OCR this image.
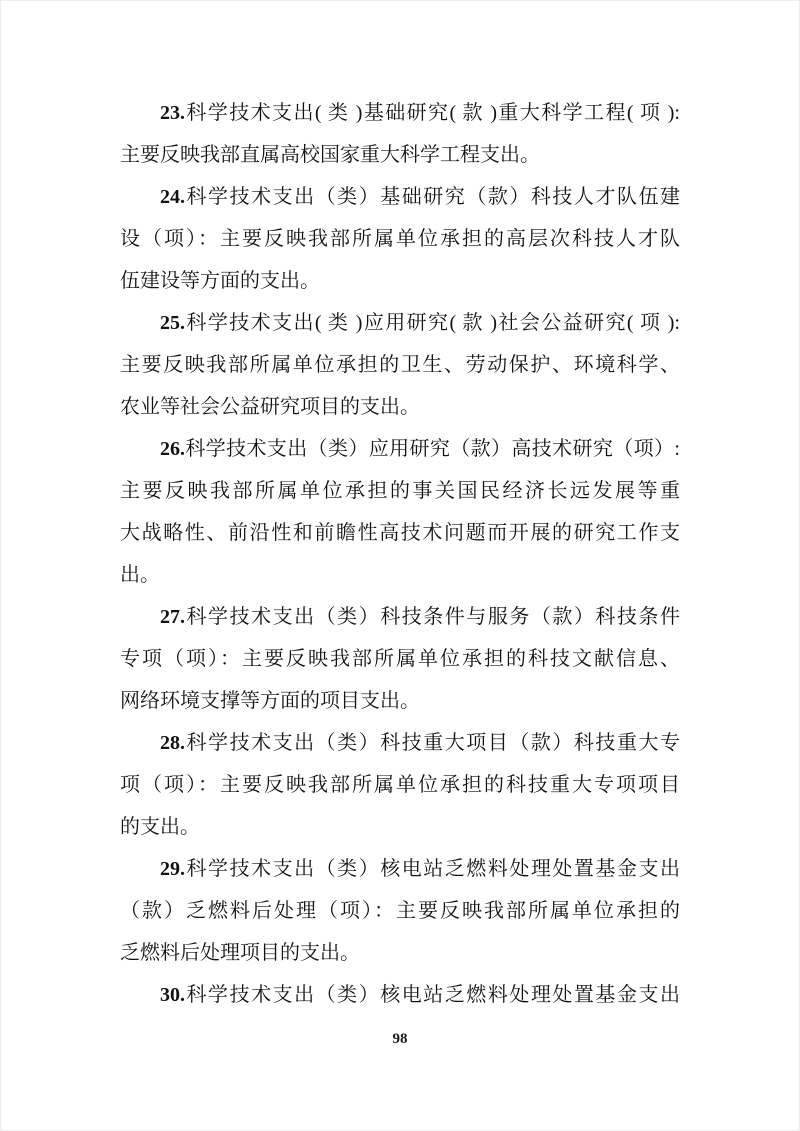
23.科学技术支出( 类 )基础研究( 款 )重大科学工程( 项 ):
主要反映我部直属高校国家重大科学工程支出。
24.科学技术支出（类）基础研究（款）科技人才队伍建
设（项）：主要反映我部所属单位承担的高层次科技人才队
伍建设等方面的支出。
25.科学技术支出( 类 )应用研究( 款 )社会公益研究( 项 ):
主要反映我部所属单位承担的卫生、劳动保护、环境科学、
农业等社会公益研究项目的支出。
26.科学技术支出（类）应用研究（款）高技术研究（项）:
主要反映我部所属单位承担的事关国民经济长远发展等重
大战略性、前沿性和前瞻性高技术问题而开展的研究工作支
出。
27.科学技术支出（类）科技条件与服务（款）科技条件
专项（项）：主要反映我部所属单位承担的科技文献信息、
网络环境支撑等方面的项目支出。
28.科学技术支出（类）科技重大项目（款）科技重大专
项（项）：主要反映我部所属单位承担的科技重大专项项目
的支出。
29.科学技术支出（类）核电站乏燃料处理处置基金支出
（款）乏燃料后处理（项）：主要反映我部所属单位承担的
乏燃料后处理项目的支出。
30.科学技术支出（类）核电站乏燃料处理处置基金支出
98
